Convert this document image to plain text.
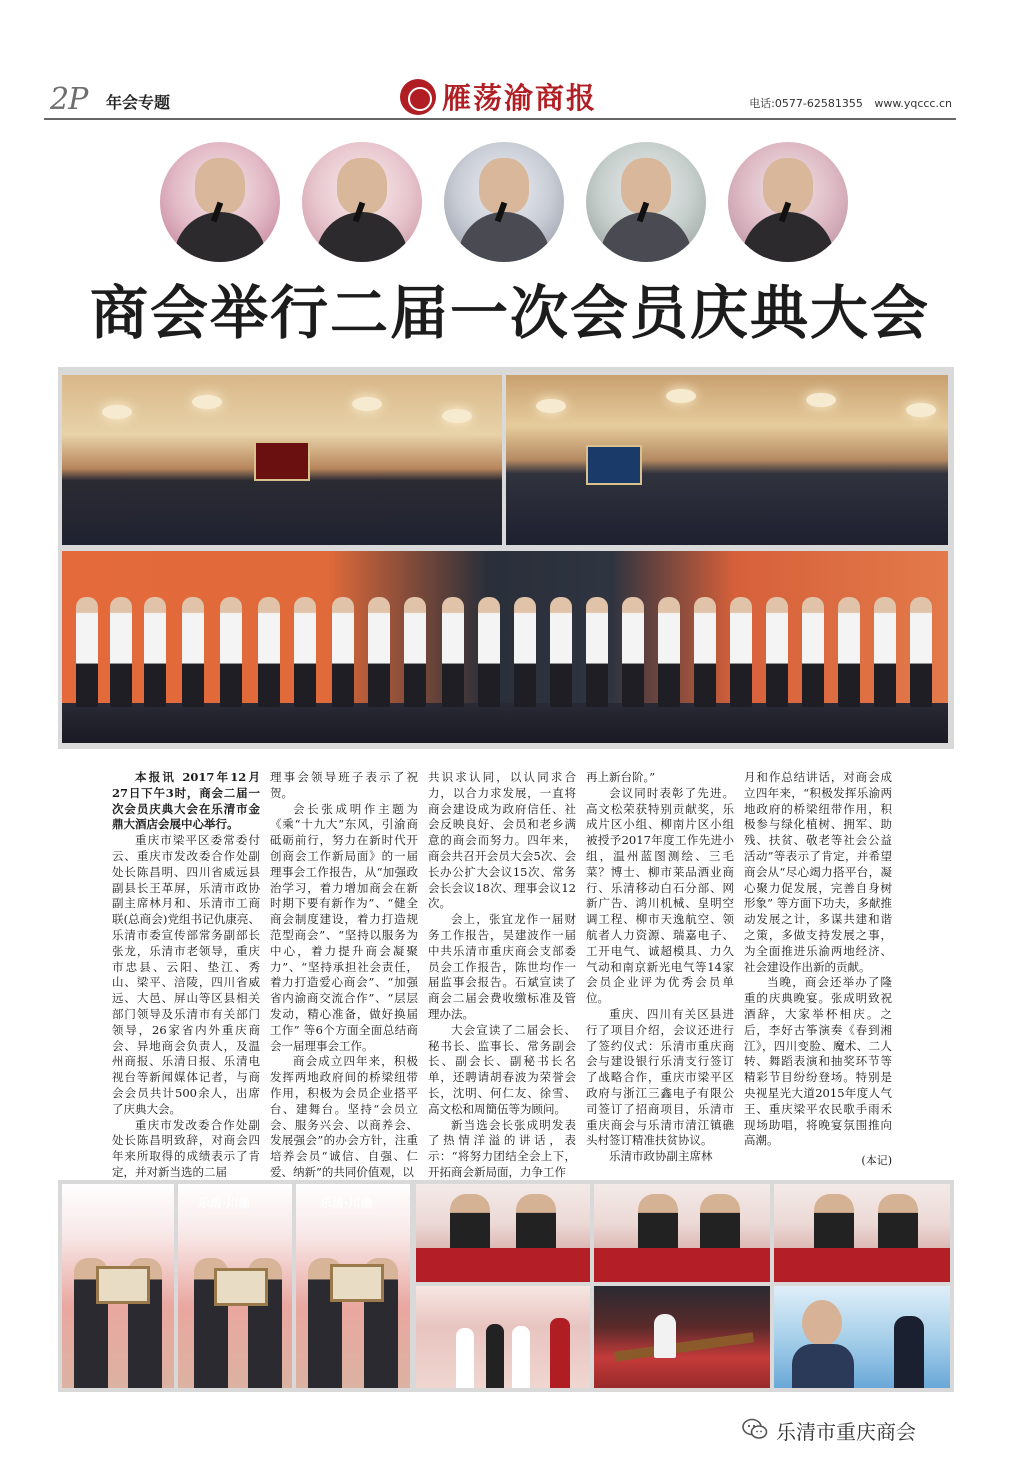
2P 年会专题	雁荡渝商报	电话:0577-62581355 www.yqccc.cn
商会举行二届一次会员庆典大会

本报讯 2017年12月27日下午3时，商会二届一次会员庆典大会在乐清市金鼎大酒店会展中心举行。

重庆市梁平区委常委付云、重庆市发改委合作处副处长陈昌明、四川省威远县副县长王革屏，乐清市政协副主席林月和、乐清市工商联(总商会)党组书记仇康亮、乐清市委宣传部常务副部长张龙，乐清市老领导，重庆市忠县、云阳、垫江、秀山、梁平、涪陵，四川省威远、大邑、屏山等区县相关部门领导及乐清市有关部门领导，26家省内外重庆商会、异地商会负责人，及温州商报、乐清日报、乐清电视台等新闻媒体记者，与商会会员共计500余人，出席了庆典大会。

重庆市发改委合作处副处长陈昌明致辞，对商会四年来所取得的成绩表示了肯定，并对新当选的二届

理事会领导班子表示了祝贺。

会长张成明作主题为《乘“十九大”东风，引渝商砥砺前行，努力在新时代开创商会工作新局面》的一届理事会工作报告，从“加强政治学习，着力增加商会在新时期下要有新作为”、“健全商会制度建设，着力打造规范型商会”、“坚持以服务为中心，着力提升商会凝聚力”、“坚持承担社会责任，着力打造爱心商会”、“加强省内渝商交流合作”、“层层发动，精心准备，做好换届工作” 等6个方面全面总结商会一届理事会工作。

商会成立四年来，积极发挥两地政府间的桥梁纽带作用，积极为会员企业搭平台、建舞台。坚持“会员立会、服务兴会、以商养会、发展强会”的办会方针，注重培养会员“诚信、自强、仁爱、纳新”的共同价值观，以

共识求认同，以认同求合力，以合力求发展，一直将商会建设成为政府信任、社会反映良好、会员和老乡满意的商会而努力。四年来，商会共召开会员大会5次、会长办公扩大会议15次、常务会长会议18次、理事会议12次。

会上，张宜龙作一届财务工作报告，吴建波作一届中共乐清市重庆商会支部委员会工作报告，陈世均作一届监事会报告。石斌宣读了商会二届会费收缴标准及管理办法。

大会宣读了二届会长、秘书长、监事长、常务副会长、副会长、副秘书长名单，还聘请胡春波为荣誉会长，沈明、何仁友、徐雪、高文松和周簡伍等为顾问。

新当选会长张成明发表了热情洋溢的讲话，表示：“将努力团结全会上下，开拓商会新局面，力争工作

再上新台阶。”

会议同时表彰了先进。高文松荣获特别贡献奖，乐成片区小组、柳南片区小组被授予2017年度工作先进小组，温州蓝图测绘、三毛菜？博士、柳市莱品酒业商行、乐清移动白石分部、网新广告、鸿川机械、皇明空调工程、柳市天逸航空、领航者人力资源、瑞嘉电子、工开电气、诚超模具、力久气动和南京新光电气等14家会员企业评为优秀会员单位。

重庆、四川有关区县进行了项目介绍，会议还进行了签约仪式：乐清市重庆商会与建设银行乐清支行签订了战略合作，重庆市梁平区政府与浙江三鑫电子有限公司签订了招商项目，乐清市重庆商会与乐清市清江镇礁头村签订精准扶贫协议。

乐清市政协副主席林

月和作总结讲话，对商会成立四年来，“积极发挥乐渝两地政府的桥梁纽带作用，积极参与绿化植树、拥军、助残、扶贫、敬老等社会公益活动”等表示了肯定，并希望商会从“尽心竭力搭平台，凝心聚力促发展，完善自身树形象” 等方面下功夫，多献推动发展之计，多谋共建和谐之策，多做支持发展之事，为全面推进乐渝两地经济、社会建设作出新的贡献。

当晚，商会还举办了隆重的庆典晚宴。张成明致祝酒辞，大家举杯相庆。之后，李好古筝演奏《春到湘江》，四川变脸、魔术、二人转、舞蹈表演和抽奖环节等精彩节目纷纷登场。特别是央视星光大道2015年度人气王、重庆梁平农民歌手雨禾现场助唱，将晚宴氛围推向高潮。

(本记)
乐清·川渝	乐清·川渝
乐清市重庆商会
